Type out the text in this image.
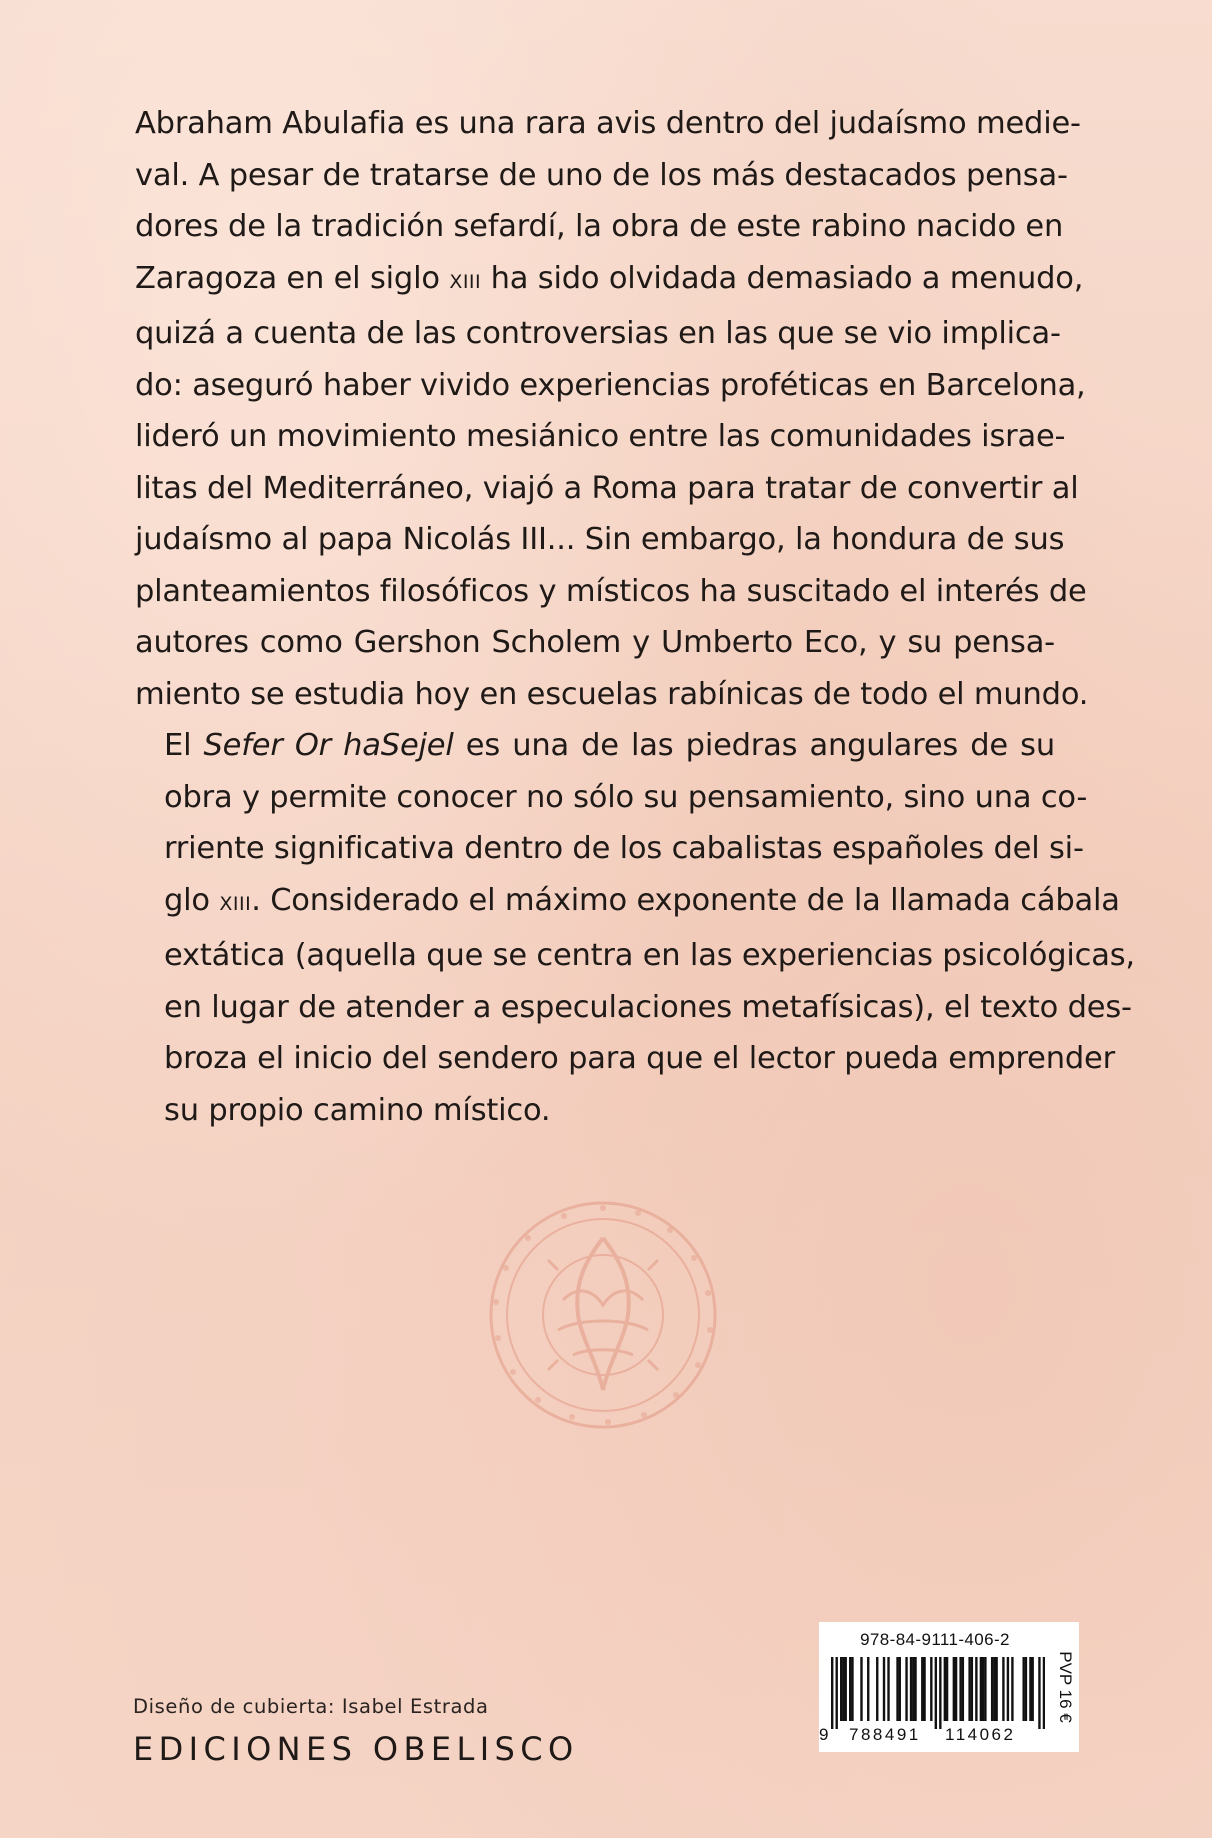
Abraham Abulafia es una rara avis dentro del judaísmo medie-
val. A pesar de tratarse de uno de los más destacados pensa-
dores de la tradición sefardí, la obra de este rabino nacido en
Zaragoza en el siglo XIII ha sido olvidada demasiado a menudo,
quizá a cuenta de las controversias en las que se vio implica-
do: aseguró haber vivido experiencias proféticas en Barcelona,
lideró un movimiento mesiánico entre las comunidades israe-
litas del Mediterráneo, viajó a Roma para tratar de convertir al
judaísmo al papa Nicolás III... Sin embargo, la hondura de sus
planteamientos filosóficos y místicos ha suscitado el interés de
autores como Gershon Scholem y Umberto Eco, y su pensa-
miento se estudia hoy en escuelas rabínicas de todo el mundo.

El Sefer Or haSejel es una de las piedras angulares de su
obra y permite conocer no sólo su pensamiento, sino una co-
rriente significativa dentro de los cabalistas españoles del si-
glo XIII. Considerado el máximo exponente de la llamada cábala
extática (aquella que se centra en las experiencias psicológicas,
en lugar de atender a especulaciones metafísicas), el texto des-
broza el inicio del sendero para que el lector pueda emprender
su propio camino místico.

Diseño de cubierta: Isabel Estrada
EDICIONES OBELISCO
978-84-9111-406-2
9 788491 114062
PVP 16 €
